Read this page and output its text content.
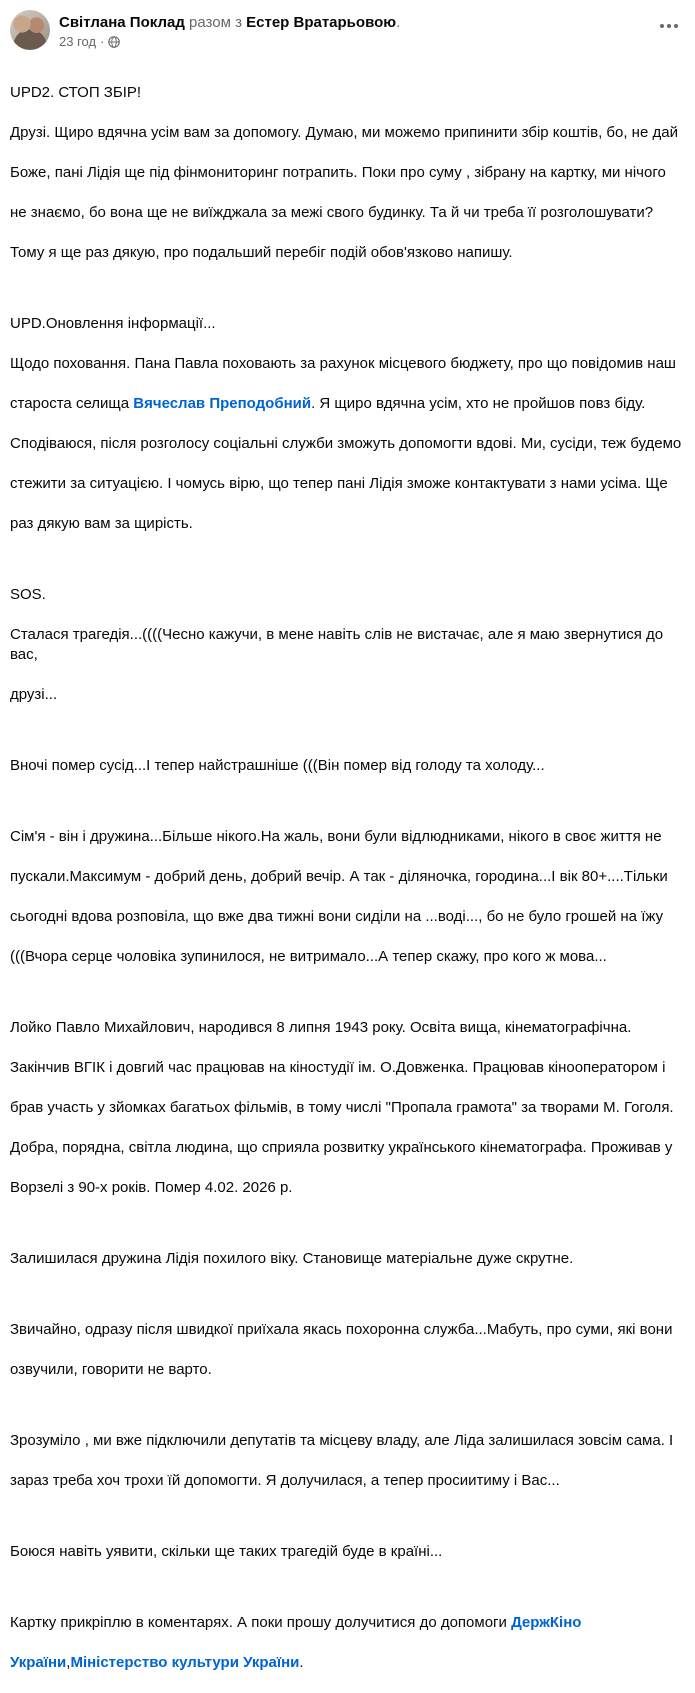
Світлана Поклад разом з Естер Вратарьовою.
23 год ·

UPD2. СТОП ЗБІР!

Друзі. Щиро вдячна усім вам за допомогу. Думаю, ми можемо припинити збір коштів, бо, не дай

Боже, пані Лідія ще під фінмониторинг потрапить. Поки про суму , зібрану на картку, ми нічого

не знаємо, бо вона ще не виїжджала за межі свого будинку. Та й чи треба її розголошувати?

Тому я ще раз дякую, про подальший перебіг подій обов'язково напишу.

UPD.Оновлення інформації...

Щодо поховання. Пана Павла поховають за рахунок місцевого бюджету, про що повідомив наш

староста селища Вячеслав Преподобний. Я щиро вдячна усім, хто не пройшов повз біду.

Сподіваюся, після розголосу соціальні служби зможуть допомогти вдові. Ми, сусіди, теж будемо

стежити за ситуацією. І чомусь вірю, що тепер пані Лідія зможе контактувати з нами усіма. Ще

раз дякую вам за щирість.

SOS.

Сталася трагедія...((((Чесно кажучи, в мене навіть слів не вистачає, але я маю звернутися до вас,

друзі...

Вночі помер сусід...І тепер найстрашніше (((Він помер від голоду та холоду...

Сім'я - він і дружина...Більше нікого.На жаль, вони були відлюдниками, нікого в своє життя не

пускали.Максимум - добрий день, добрий вечір. А так - діляночка, городина...І вік 80+....Тільки

сьогодні вдова розповіла, що вже два тижні вони сиділи на ...воді..., бо не було грошей на їжу

(((Вчора серце чоловіка зупинилося, не витримало...А тепер скажу, про кого ж мова...

Лойко Павло Михайлович, народився 8 липня 1943 року. Освіта вища, кінематографічна.

Закінчив ВГІК і довгий час працював на кіностудії ім. О.Довженка. Працював кінооператором і

брав участь у зйомках багатьох фільмів, в тому числі "Пропала грамота" за творами М. Гоголя.

Добра, порядна, світла людина, що сприяла розвитку українського кінематографа. Проживав у

Ворзелі з 90-х років. Помер 4.02. 2026 р.

Залишилася дружина Лідія похилого віку. Становище матеріальне дуже скрутне.

Звичайно, одразу після швидкої приїхала якась похоронна служба...Мабуть, про суми, які вони

озвучили, говорити не варто.

Зрозуміло , ми вже підключили депутатів та місцеву владу, але Ліда залишилася зовсім сама. І

зараз треба хоч трохи їй допомогти. Я долучилася, а тепер просиитиму і Вас...

Боюся навіть уявити, скільки ще таких трагедій буде в країні...

Картку прикріплю в коментарях. А поки прошу долучитися до допомоги ДержКіно

України,Міністерство культури України.
